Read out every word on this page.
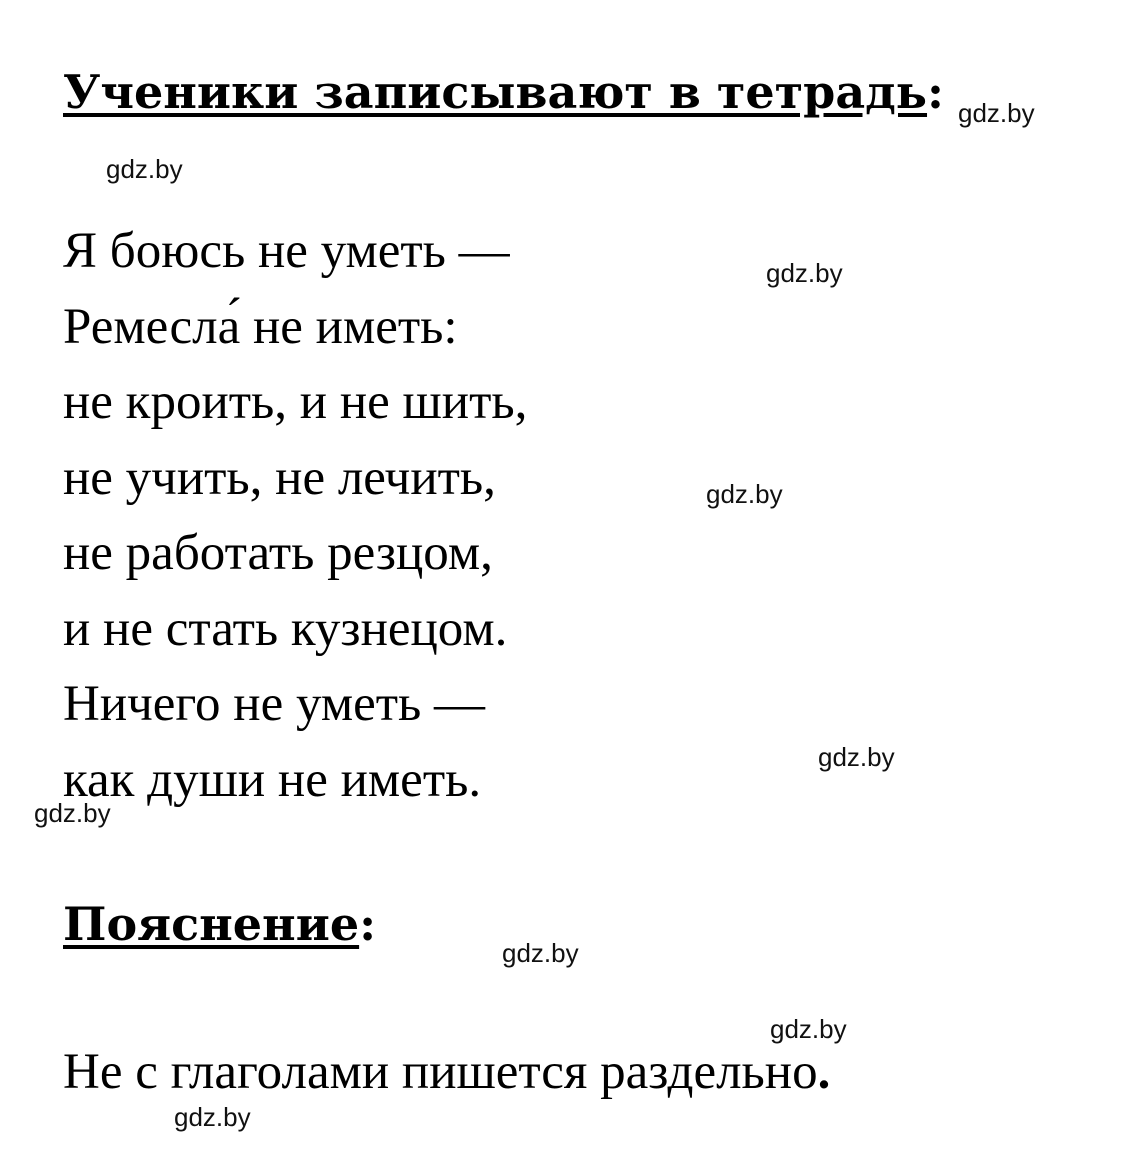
Ученики записывают в тетрадь:
Я боюсь не уметь —
Ремесла́ не иметь:
не кроить, и не шить,
не учить, не лечить,
не работать резцом,
и не стать кузнецом.
Ничего не уметь —
как души не иметь.
Пояснение:
Не с глаголами пишется раздельно.
gdz.by
gdz.by
gdz.by
gdz.by
gdz.by
gdz.by
gdz.by
gdz.by
gdz.by
